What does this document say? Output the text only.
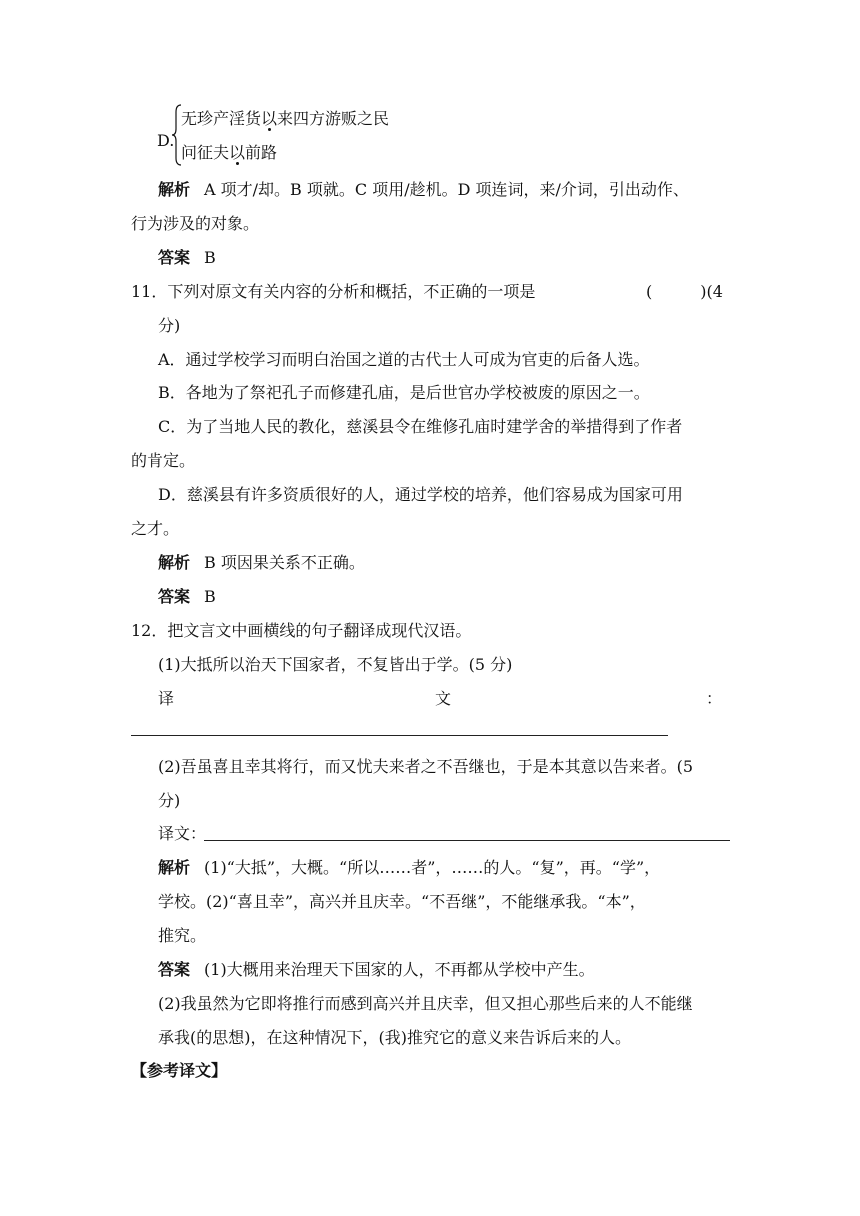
D.
无珍产淫货以来四方游贩之民
问征夫以前路
解析 A 项才/却。B 项就。C 项用/趁机。D 项连词，来/介词，引出动作、
行为涉及的对象。
答案 B
11．下列对原文有关内容的分析和概括，不正确的一项是	(　　　)(4
分)
A．通过学校学习而明白治国之道的古代士人可成为官吏的后备人选。
B．各地为了祭祀孔子而修建孔庙，是后世官办学校被废的原因之一。
C．为了当地人民的教化，慈溪县令在维修孔庙时建学舍的举措得到了作者
的肯定。
D．慈溪县有许多资质很好的人，通过学校的培养，他们容易成为国家可用
之才。
解析 B 项因果关系不正确。
答案 B
12．把文言文中画横线的句子翻译成现代汉语。
(1)大抵所以治天下国家者，不复皆出于学。(5 分)
译	文	：
(2)吾虽喜且幸其将行，而又忧夫来者之不吾继也，于是本其意以告来者。(5
分)
译文：
解析 (1)“大抵”，大概。“所以……者”，……的人。“复”，再。“学”，
学校。(2)“喜且幸”，高兴并且庆幸。“不吾继”，不能继承我。“本”，
推究。
答案 (1)大概用来治理天下国家的人，不再都从学校中产生。
(2)我虽然为它即将推行而感到高兴并且庆幸，但又担心那些后来的人不能继
承我(的思想)，在这种情况下，(我)推究它的意义来告诉后来的人。
【参考译文】
